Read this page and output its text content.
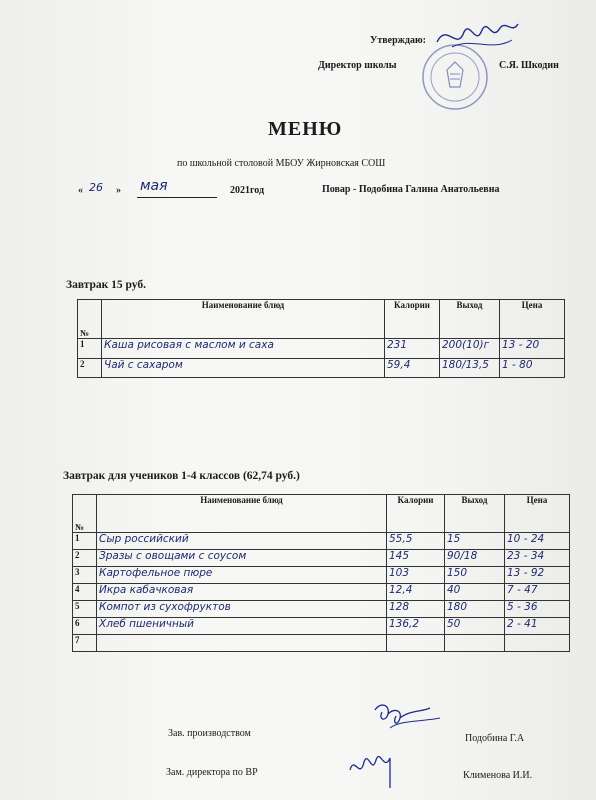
Утверждаю:
Директор школы	С.Я. Шкодин
МЕНЮ
по школьной столовой МБОУ Жирновская СОШ
« 26 » мая	2021год	Повар - Подобина Галина Анатольевна
Завтрак 15 руб.
№	Наименование блюд	Калории	Выход	Цена
1	Каша рисовая с маслом и саха	231	200(10)г	13 - 20
2	Чай с сахаром	59,4	180/13,5	1 - 80
Завтрак для учеников 1-4 классов (62,74 руб.)
№	Наименование блюд	Калории	Выход	Цена
1	Сыр российский	55,5	15	10 - 24
2	Зразы с овощами с соусом	145	90/18	23 - 34
3	Картофельное пюре	103	150	13 - 92
4	Икра кабачковая	12,4	40	7 - 47
5	Компот из сухофруктов	128	180	5 - 36
6	Хлеб пшеничный	136,2	50	2 - 41
7				
Зав. производством	Подобина Г.А
Зам. директора по ВР	Клименова И.И.
